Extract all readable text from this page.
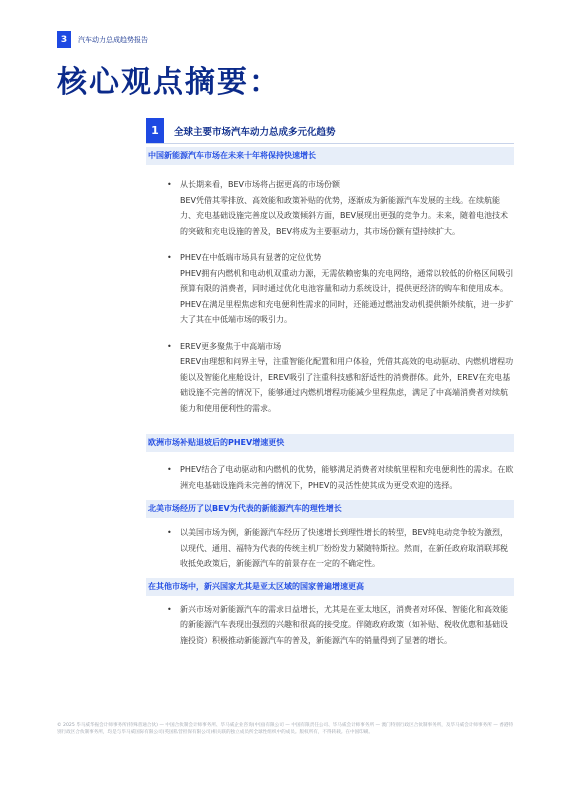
3	汽车动力总成趋势报告
核心观点摘要：
1	全球主要市场汽车动力总成多元化趋势
中国新能源汽车市场在未来十年将保持快速增长
• 从长期来看，BEV市场将占据更高的市场份额
BEV凭借其零排放、高效能和政策补贴的优势，逐渐成为新能源汽车发展的主线。在续航能力、充电基础设施完善度以及政策倾斜方面，BEV展现出更强的竞争力。未来，随着电池技术的突破和充电设施的普及，BEV将成为主要驱动力，其市场份额有望持续扩大。
• PHEV在中低端市场具有显著的定位优势
PHEV拥有内燃机和电动机双重动力源，无需依赖密集的充电网络，通常以较低的价格区间吸引预算有限的消费者，同时通过优化电池容量和动力系统设计，提供更经济的购车和使用成本。PHEV在满足里程焦虑和充电便利性需求的同时，还能通过燃油发动机提供额外续航，进一步扩大了其在中低端市场的吸引力。
• EREV更多聚焦于中高端市场
EREV由理想和问界主导，注重智能化配置和用户体验，凭借其高效的电动驱动、内燃机增程功能以及智能化座舱设计，EREV吸引了注重科技感和舒适性的消费群体。此外，EREV在充电基础设施不完善的情况下，能够通过内燃机增程功能减少里程焦虑，满足了中高端消费者对续航能力和使用便利性的需求。
欧洲市场补贴退坡后的PHEV增速更快
• PHEV结合了电动驱动和内燃机的优势，能够满足消费者对续航里程和充电便利性的需求。在欧洲充电基础设施尚未完善的情况下，PHEV的灵活性使其成为更受欢迎的选择。
北美市场经历了以BEV为代表的新能源汽车的理性增长
• 以美国市场为例，新能源汽车经历了快速增长到理性增长的转型，BEV纯电动竞争较为激烈，以现代、通用、福特为代表的传统主机厂纷纷发力紧随特斯拉。然而，在新任政府取消联邦税收抵免政策后，新能源汽车的前景存在一定的不确定性。
在其他市场中，新兴国家尤其是亚太区域的国家普遍增速更高
• 新兴市场对新能源汽车的需求日益增长，尤其是在亚太地区，消费者对环保、智能化和高效能的新能源汽车表现出强烈的兴趣和很高的接受度。伴随政府政策（如补贴、税收优惠和基础设施投资）积极推动新能源汽车的普及，新能源汽车的销量得到了显著的增长。
© 2025 毕马威华振会计师事务所(特殊普通合伙) — 中国合伙制会计师事务所、毕马威企业咨询(中国)有限公司 — 中国有限责任公司、毕马威会计师事务所 — 澳门特别行政区合伙制事务所，及毕马威会计师事务所 — 香港特别行政区合伙制事务所，均是与毕马威国际有限公司(英国私营担保有限公司)相关联的独立成员所全球性组织中的成员。版权所有，不得转载。在中国印刷。
